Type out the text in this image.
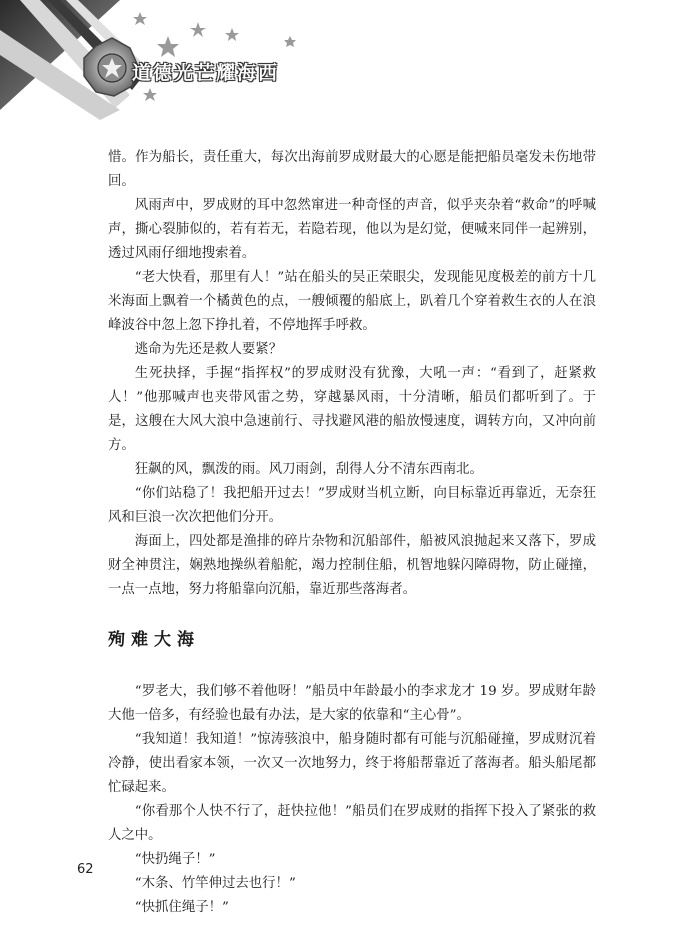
道德光芒耀海西

惜。作为船长，责任重大，每次出海前罗成财最大的心愿是能把船员毫发未伤地带回。

风雨声中，罗成财的耳中忽然窜进一种奇怪的声音，似乎夹杂着“救命”的呼喊声，撕心裂肺似的，若有若无，若隐若现，他以为是幻觉，便喊来同伴一起辨别，透过风雨仔细地搜索着。

“老大快看，那里有人！”站在船头的吴正荣眼尖，发现能见度极差的前方十几米海面上飘着一个橘黄色的点，一艘倾覆的船底上，趴着几个穿着救生衣的人在浪峰波谷中忽上忽下挣扎着，不停地挥手呼救。

逃命为先还是救人要紧？

生死抉择，手握“指挥权”的罗成财没有犹豫，大吼一声：“看到了，赶紧救人！”他那喊声也夹带风雷之势，穿越暴风雨，十分清晰，船员们都听到了。于是，这艘在大风大浪中急速前行、寻找避风港的船放慢速度，调转方向，又冲向前方。

狂飙的风，飘泼的雨。风刀雨剑，刮得人分不清东西南北。

“你们站稳了！我把船开过去！”罗成财当机立断，向目标靠近再靠近，无奈狂风和巨浪一次次把他们分开。

海面上，四处都是渔排的碎片杂物和沉船部件，船被风浪抛起来又落下，罗成财全神贯注，娴熟地操纵着船舵，竭力控制住船，机智地躲闪障碍物，防止碰撞，一点一点地，努力将船靠向沉船，靠近那些落海者。

殉难大海

“罗老大，我们够不着他呀！”船员中年龄最小的李求龙才 19 岁。罗成财年龄大他一倍多，有经验也最有办法，是大家的依靠和“主心骨”。

“我知道！我知道！”惊涛骇浪中，船身随时都有可能与沉船碰撞，罗成财沉着冷静，使出看家本领，一次又一次地努力，终于将船帮靠近了落海者。船头船尾都忙碌起来。

“你看那个人快不行了，赶快拉他！”船员们在罗成财的指挥下投入了紧张的救人之中。

“快扔绳子！”

“木条、竹竿伸过去也行！”

“快抓住绳子！”

62
